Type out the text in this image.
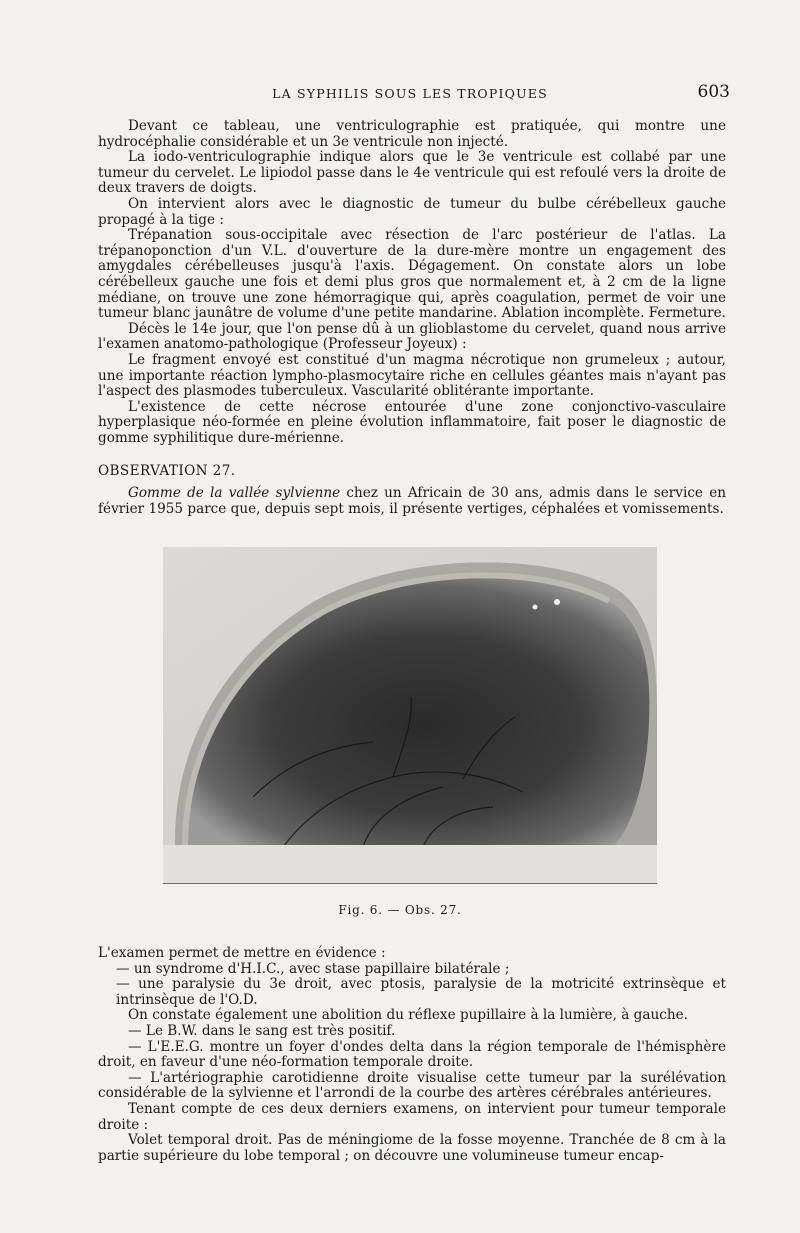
LA SYPHILIS SOUS LES TROPIQUES	603

Devant ce tableau, une ventriculographie est pratiquée, qui montre une hydrocéphalie considérable et un 3e ventricule non injecté.

La iodo-ventriculographie indique alors que le 3e ventricule est collabé par une tumeur du cervelet. Le lipiodol passe dans le 4e ventricule qui est refoulé vers la droite de deux travers de doigts.

On intervient alors avec le diagnostic de tumeur du bulbe cérébelleux gauche propagé à la tige :

Trépanation sous-occipitale avec résection de l'arc postérieur de l'atlas. La trépanoponction d'un V.L. d'ouverture de la dure-mère montre un engagement des amygdales cérébelleuses jusqu'à l'axis. Dégagement. On constate alors un lobe cérébelleux gauche une fois et demi plus gros que normalement et, à 2 cm de la ligne médiane, on trouve une zone hémorragique qui, après coagulation, permet de voir une tumeur blanc jaunâtre de volume d'une petite mandarine. Ablation incomplète. Fermeture.

Décès le 14e jour, que l'on pense dû à un glioblastome du cervelet, quand nous arrive l'examen anatomo-pathologique (Professeur Joyeux) :

Le fragment envoyé est constitué d'un magma nécrotique non grumeleux ; autour, une importante réaction lympho-plasmocytaire riche en cellules géantes mais n'ayant pas l'aspect des plasmodes tuberculeux. Vascularité oblitérante importante.

L'existence de cette nécrose entourée d'une zone conjonctivo-vasculaire hyperplasique néo-formée en pleine évolution inflammatoire, fait poser le diagnostic de gomme syphilitique dure-mérienne.

OBSERVATION 27.

Gomme de la vallée sylvienne chez un Africain de 30 ans, admis dans le service en février 1955 parce que, depuis sept mois, il présente vertiges, céphalées et vomissements.

Fig. 6. — Obs. 27.

L'examen permet de mettre en évidence :

— un syndrome d'H.I.C., avec stase papillaire bilatérale ;

— une paralysie du 3e droit, avec ptosis, paralysie de la motricité extrinsèque et intrinsèque de l'O.D.

On constate également une abolition du réflexe pupillaire à la lumière, à gauche.

— Le B.W. dans le sang est très positif.

— L'E.E.G. montre un foyer d'ondes delta dans la région temporale de l'hémisphère droit, en faveur d'une néo-formation temporale droite.

— L'artériographie carotidienne droite visualise cette tumeur par la surélévation considérable de la sylvienne et l'arrondi de la courbe des artères cérébrales antérieures.

Tenant compte de ces deux derniers examens, on intervient pour tumeur temporale droite :

Volet temporal droit. Pas de méningiome de la fosse moyenne. Tranchée de 8 cm à la partie supérieure du lobe temporal ; on découvre une volumineuse tumeur encap-
